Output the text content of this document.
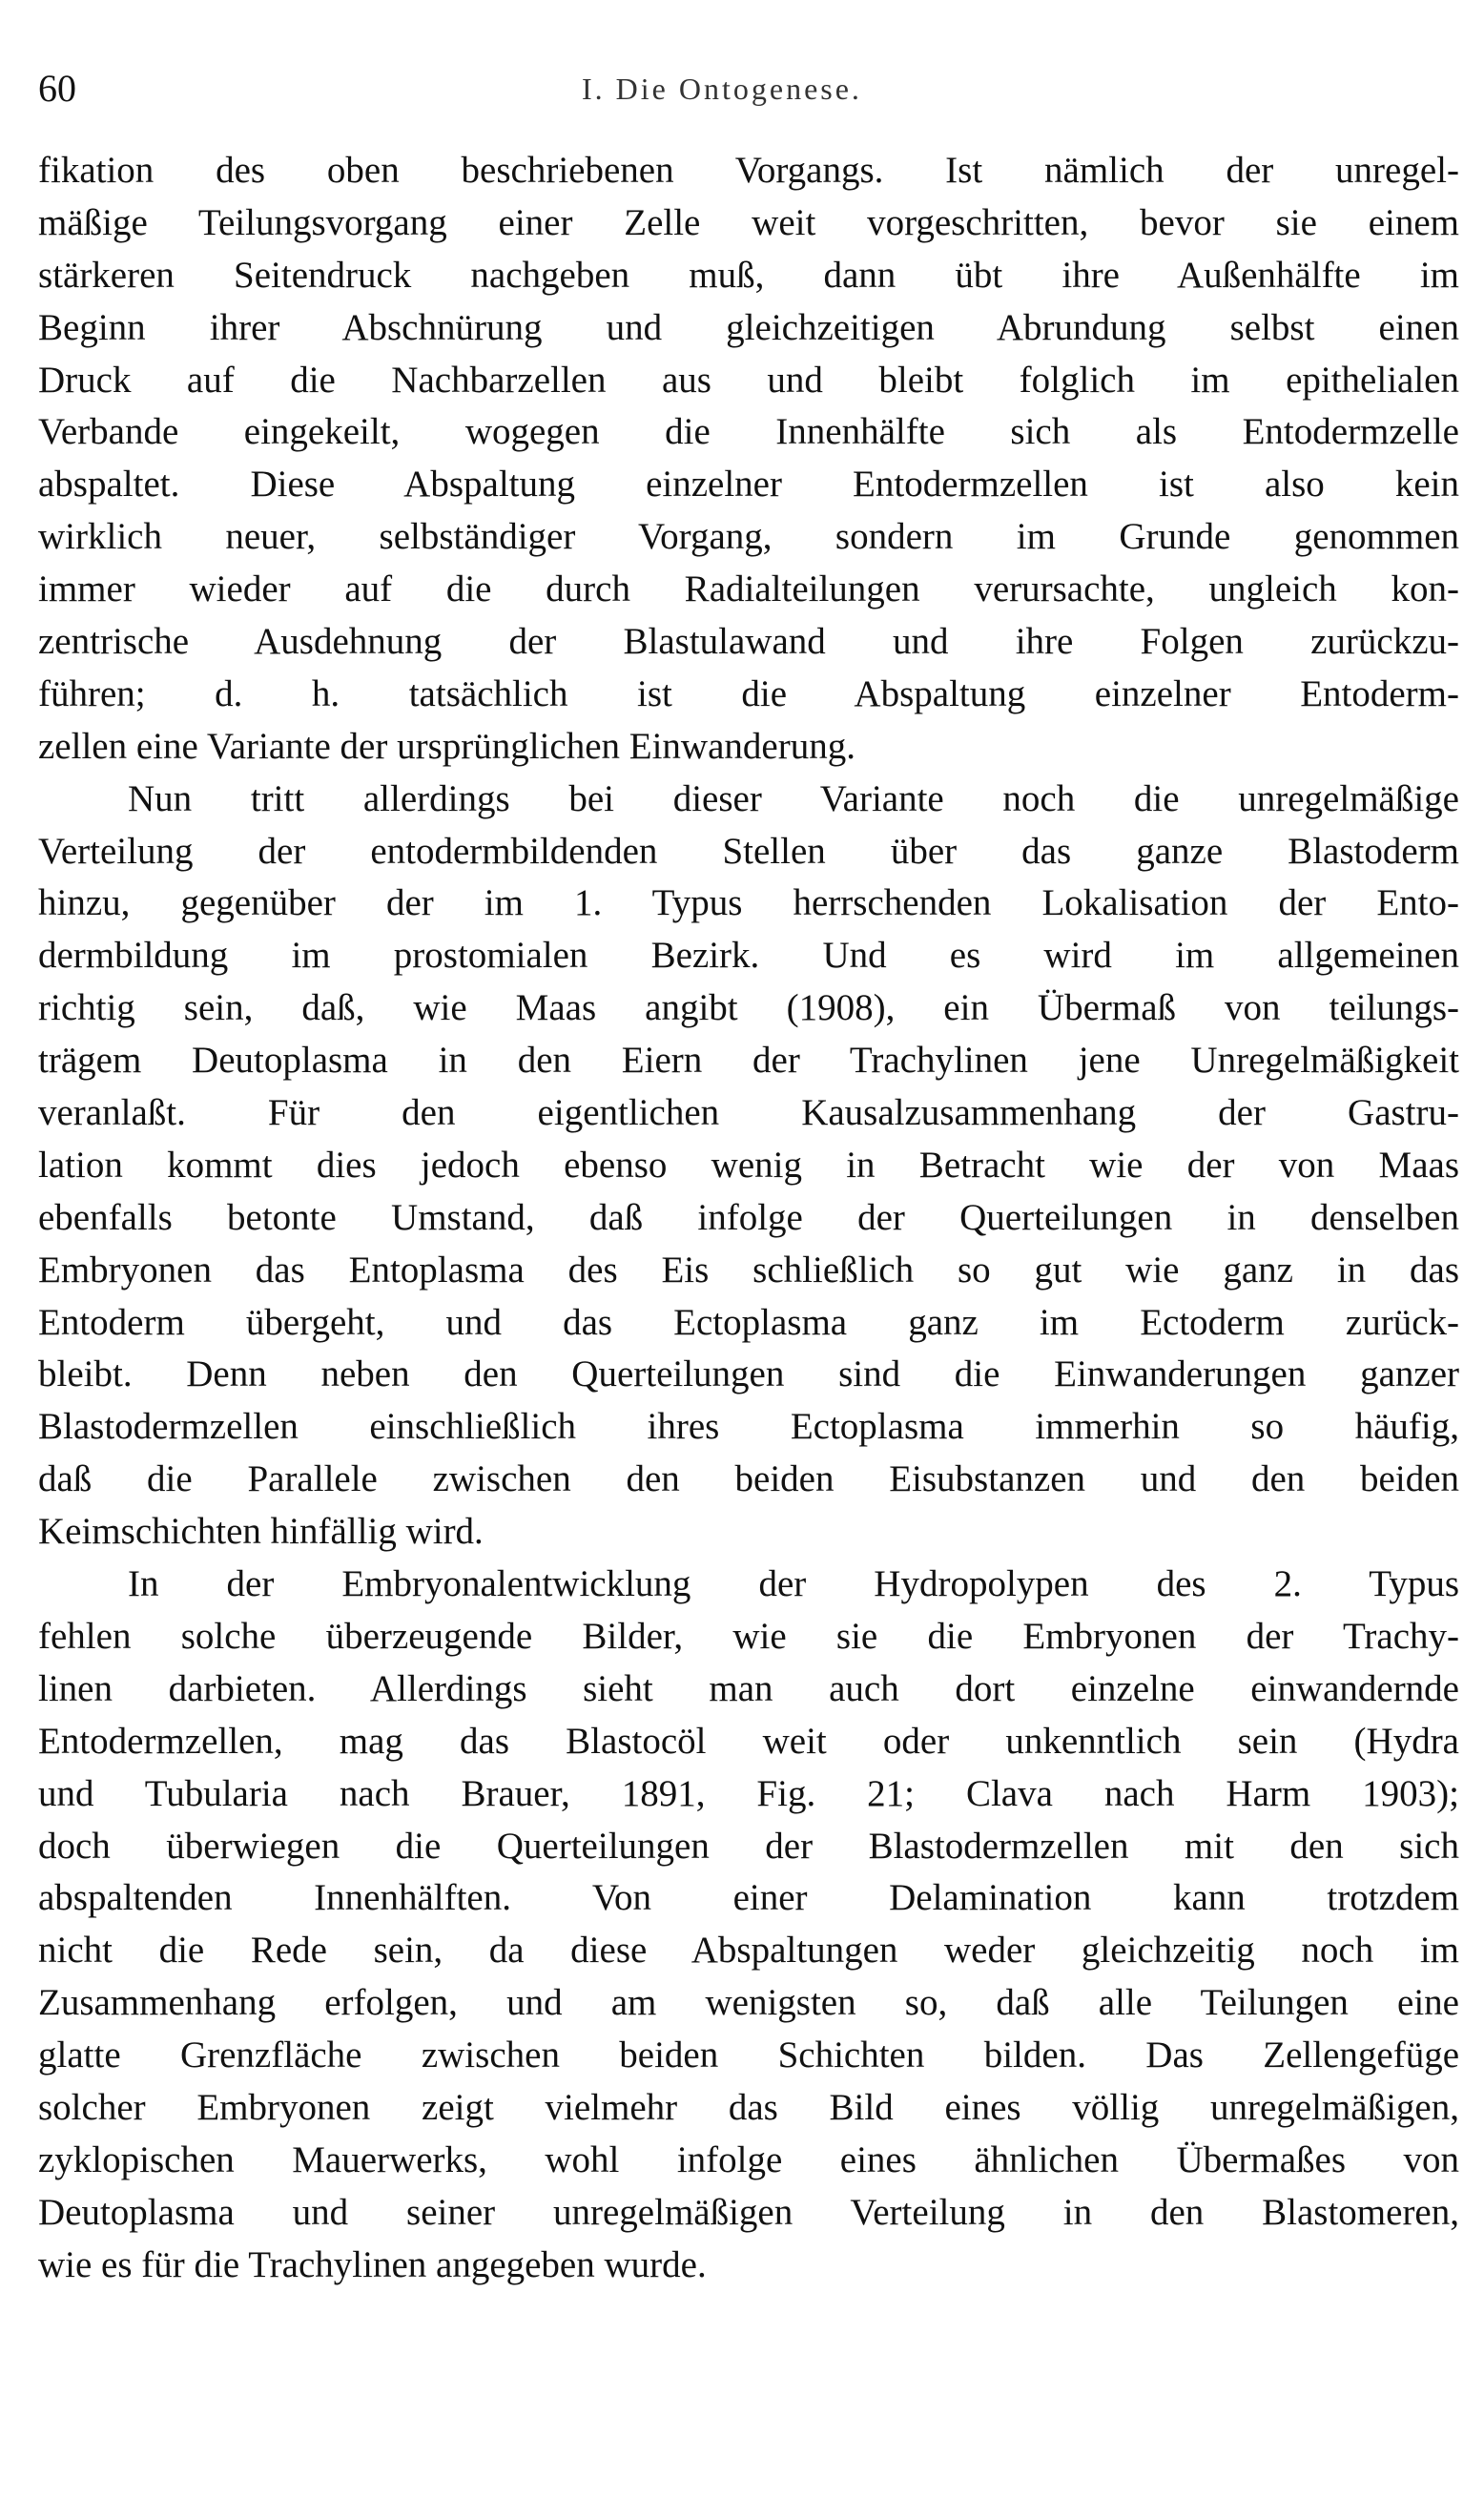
60	I. Die Ontogenese.
fikation des oben beschriebenen Vorgangs. Ist nämlich der unregel-
mäßige Teilungsvorgang einer Zelle weit vorgeschritten, bevor sie einem
stärkeren Seitendruck nachgeben muß, dann übt ihre Außenhälfte im
Beginn ihrer Abschnürung und gleichzeitigen Abrundung selbst einen
Druck auf die Nachbarzellen aus und bleibt folglich im epithelialen
Verbande eingekeilt, wogegen die Innenhälfte sich als Entodermzelle
abspaltet. Diese Abspaltung einzelner Entodermzellen ist also kein
wirklich neuer, selbständiger Vorgang, sondern im Grunde genommen
immer wieder auf die durch Radialteilungen verursachte, ungleich kon-
zentrische Ausdehnung der Blastulawand und ihre Folgen zurückzu-
führen; d. h. tatsächlich ist die Abspaltung einzelner Entoderm-
zellen eine Variante der ursprünglichen Einwanderung.
Nun tritt allerdings bei dieser Variante noch die unregelmäßige
Verteilung der entodermbildenden Stellen über das ganze Blastoderm
hinzu, gegenüber der im 1. Typus herrschenden Lokalisation der Ento-
dermbildung im prostomialen Bezirk. Und es wird im allgemeinen
richtig sein, daß, wie Maas angibt (1908), ein Übermaß von teilungs-
trägem Deutoplasma in den Eiern der Trachylinen jene Unregelmäßigkeit
veranlaßt. Für den eigentlichen Kausalzusammenhang der Gastru-
lation kommt dies jedoch ebenso wenig in Betracht wie der von Maas
ebenfalls betonte Umstand, daß infolge der Querteilungen in denselben
Embryonen das Entoplasma des Eis schließlich so gut wie ganz in das
Entoderm übergeht, und das Ectoplasma ganz im Ectoderm zurück-
bleibt. Denn neben den Querteilungen sind die Einwanderungen ganzer
Blastodermzellen einschließlich ihres Ectoplasma immerhin so häufig,
daß die Parallele zwischen den beiden Eisubstanzen und den beiden
Keimschichten hinfällig wird.
In der Embryonalentwicklung der Hydropolypen des 2. Typus
fehlen solche überzeugende Bilder, wie sie die Embryonen der Trachy-
linen darbieten. Allerdings sieht man auch dort einzelne einwandernde
Entodermzellen, mag das Blastocöl weit oder unkenntlich sein (Hydra
und Tubularia nach Brauer, 1891, Fig. 21; Clava nach Harm 1903);
doch überwiegen die Querteilungen der Blastodermzellen mit den sich
abspaltenden Innenhälften. Von einer Delamination kann trotzdem
nicht die Rede sein, da diese Abspaltungen weder gleichzeitig noch im
Zusammenhang erfolgen, und am wenigsten so, daß alle Teilungen eine
glatte Grenzfläche zwischen beiden Schichten bilden. Das Zellengefüge
solcher Embryonen zeigt vielmehr das Bild eines völlig unregelmäßigen,
zyklopischen Mauerwerks, wohl infolge eines ähnlichen Übermaßes von
Deutoplasma und seiner unregelmäßigen Verteilung in den Blastomeren,
wie es für die Trachylinen angegeben wurde.
